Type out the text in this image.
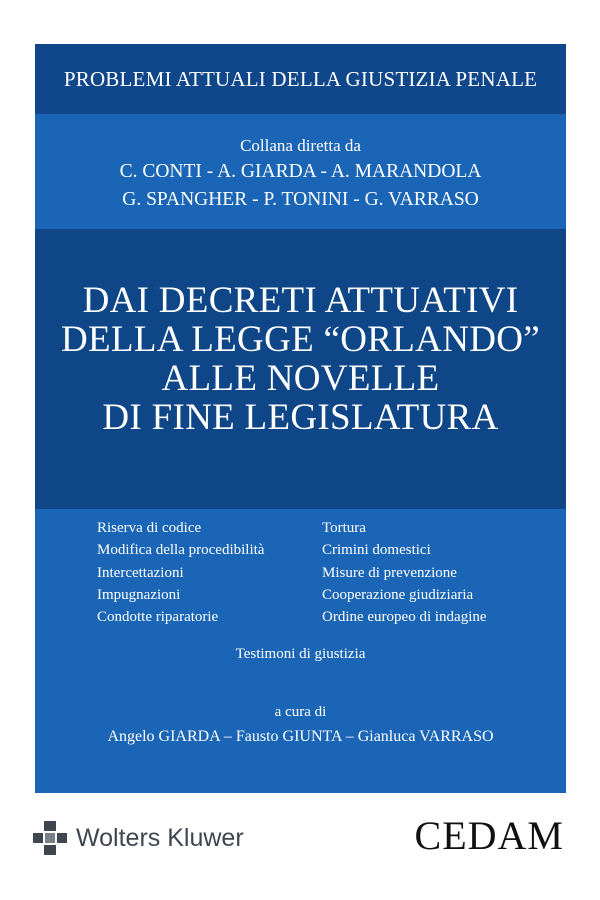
PROBLEMI ATTUALI DELLA GIUSTIZIA PENALE
Collana diretta da
C. CONTI - A. GIARDA - A. MARANDOLA
G. SPANGHER - P. TONINI - G. VARRASO
DAI DECRETI ATTUATIVI
DELLA LEGGE “ORLANDO”
ALLE NOVELLE
DI FINE LEGISLATURA
Riserva di codice
Modifica della procedibilità
Intercettazioni
Impugnazioni
Condotte riparatorie
Tortura
Crimini domestici
Misure di prevenzione
Cooperazione giudiziaria
Ordine europeo di indagine
Testimoni di giustizia
a cura di
Angelo GIARDA – Fausto GIUNTA – Gianluca VARRASO
Wolters Kluwer	CEDAM
